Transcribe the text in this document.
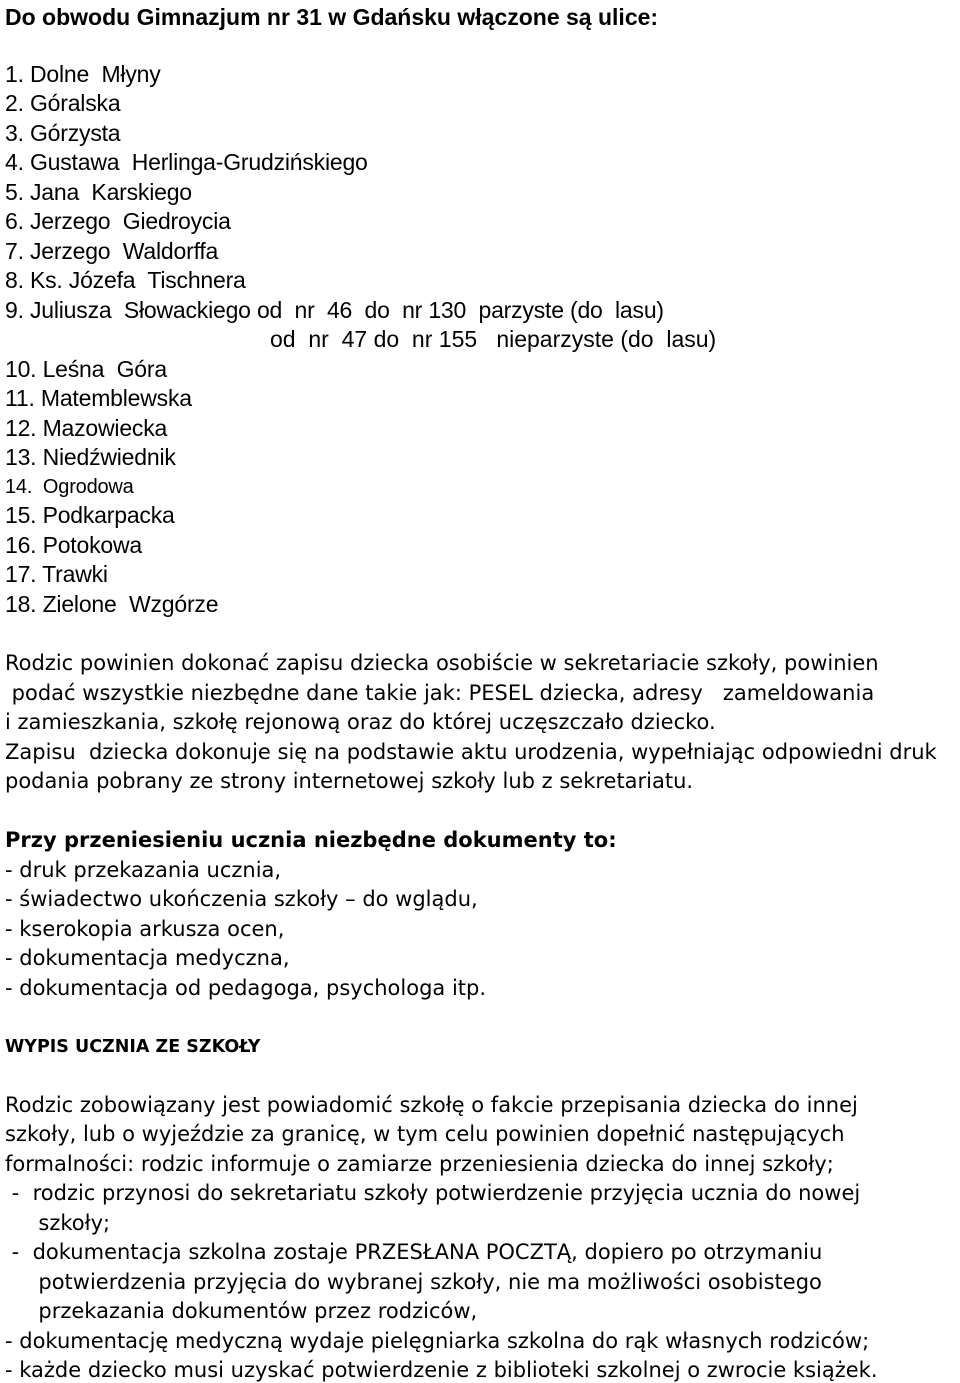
Do obwodu Gimnazjum nr 31 w Gdańsku włączone są ulice:
1. Dolne  Młyny
2. Góralska
3. Górzysta
4. Gustawa  Herlinga-Grudzińskiego
5. Jana  Karskiego
6. Jerzego  Giedroycia
7. Jerzego  Waldorffa
8. Ks. Józefa  Tischnera
9. Juliusza  Słowackiego od  nr  46  do  nr 130  parzyste (do  lasu)
od  nr  47 do  nr 155   nieparzyste (do  lasu)
10. Leśna  Góra
11. Matemblewska
12. Mazowiecka
13. Niedźwiednik
14.  Ogrodowa
15. Podkarpacka
16. Potokowa
17. Trawki
18. Zielone  Wzgórze
Rodzic powinien dokonać zapisu dziecka osobiście w sekretariacie szkoły, powinien
podać wszystkie niezbędne dane takie jak: PESEL dziecka, adresy   zameldowania
i zamieszkania, szkołę rejonową oraz do której uczęszczało dziecko.
Zapisu  dziecka dokonuje się na podstawie aktu urodzenia, wypełniając odpowiedni druk
podania pobrany ze strony internetowej szkoły lub z sekretariatu.
Przy przeniesieniu ucznia niezbędne dokumenty to:
- druk przekazania ucznia,
- świadectwo ukończenia szkoły – do wglądu,
- kserokopia arkusza ocen,
- dokumentacja medyczna,
- dokumentacja od pedagoga, psychologa itp.
WYPIS UCZNIA ZE SZKOŁY
Rodzic zobowiązany jest powiadomić szkołę o fakcie przepisania dziecka do innej
szkoły, lub o wyjeździe za granicę, w tym celu powinien dopełnić następujących
formalności: rodzic informuje o zamiarze przeniesienia dziecka do innej szkoły;
-  rodzic przynosi do sekretariatu szkoły potwierdzenie przyjęcia ucznia do nowej
szkoły;
-  dokumentacja szkolna zostaje PRZESŁANA POCZTĄ, dopiero po otrzymaniu
potwierdzenia przyjęcia do wybranej szkoły, nie ma możliwości osobistego
przekazania dokumentów przez rodziców,
- dokumentację medyczną wydaje pielęgniarka szkolna do rąk własnych rodziców;
- każde dziecko musi uzyskać potwierdzenie z biblioteki szkolnej o zwrocie książek.
